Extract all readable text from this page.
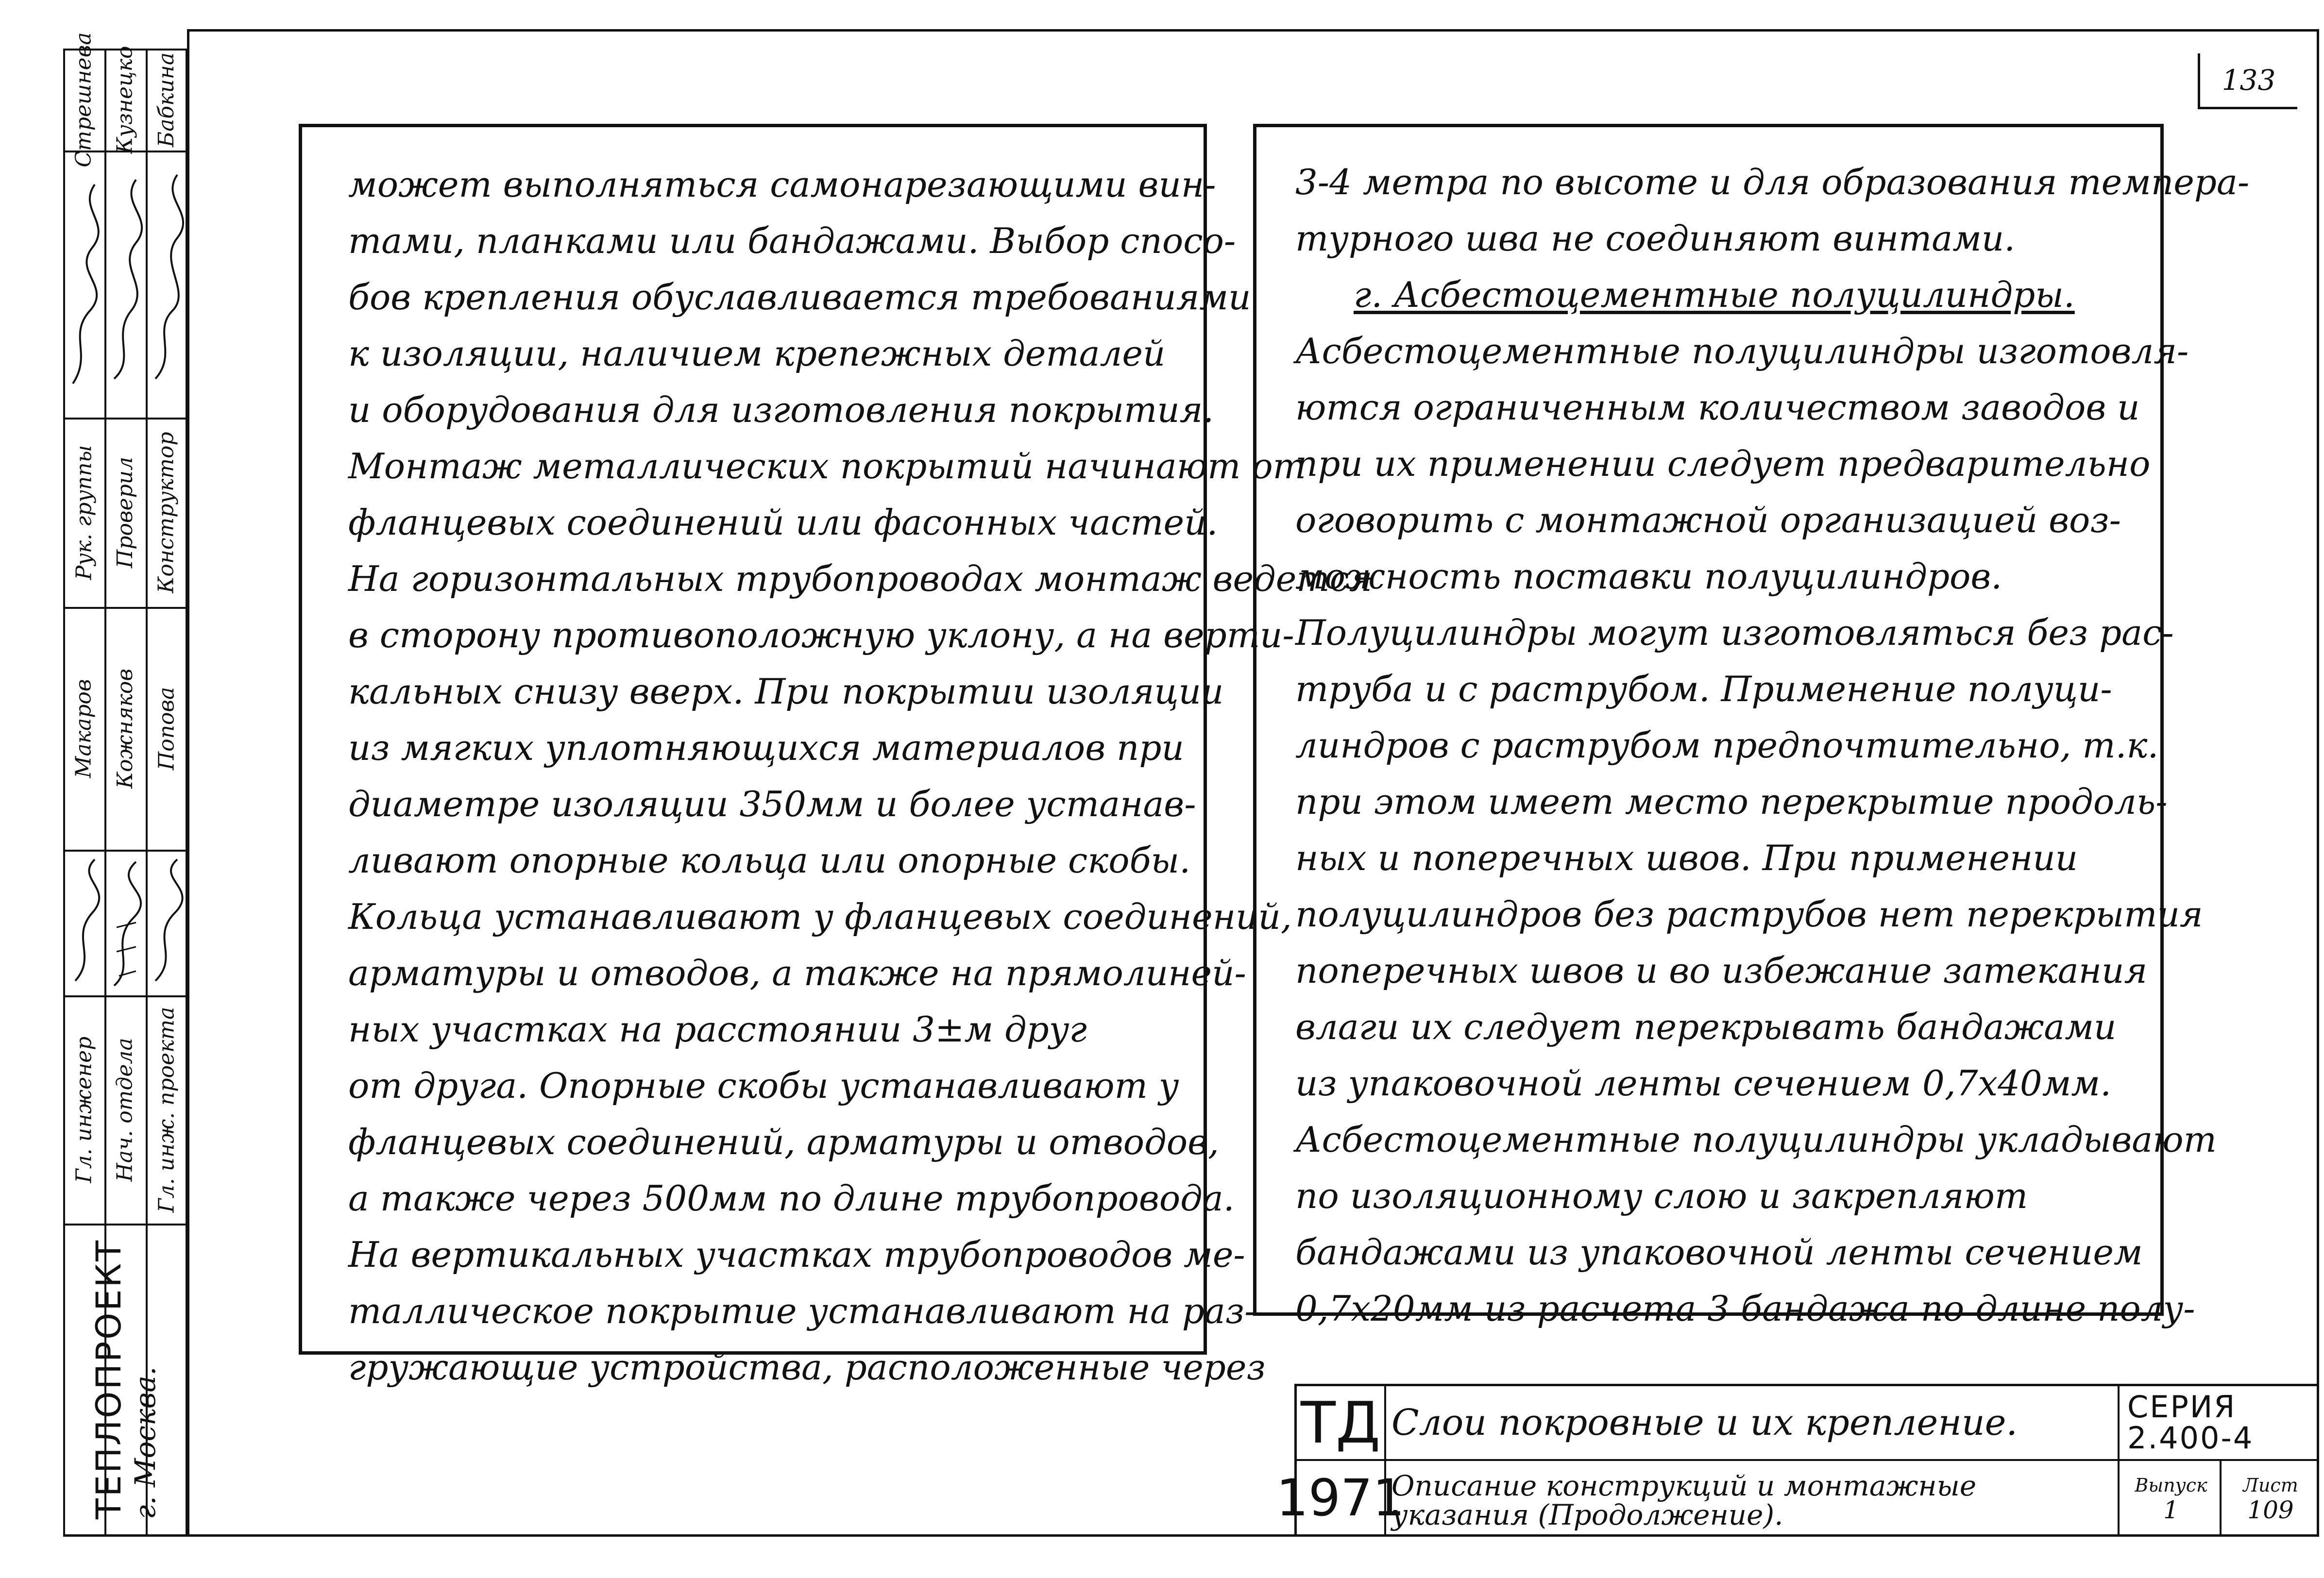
133
Стрешнева
Рук. группы
Макаров
Гл. инженер
Кузнецко
Проверил
Кожняков
Нач. отдела
Бабкина
Конструктор
Попова
Гл. инж. проекта
ТЕПЛОПРОЕКТ г. Москва.
может выполняться самонарезающими вин-
тами, планками или бандажами. Выбор спосо-
бов крепления обуславливается требованиями
к изоляции, наличием крепежных деталей
и оборудования для изготовления покрытия.
Монтаж металлических покрытий начинают от
фланцевых соединений или фасонных частей.
На горизонтальных трубопроводах монтаж ведется
в сторону противоположную уклону, а на верти-
кальных снизу вверх. При покрытии изоляции
из мягких уплотняющихся материалов при
диаметре изоляции 350мм и более устанав-
ливают опорные кольца или опорные скобы.
Кольца устанавливают у фланцевых соединений,
арматуры и отводов, а также на прямолиней-
ных участках на расстоянии 3±м друг
от друга. Опорные скобы устанавливают у
фланцевых соединений, арматуры и отводов,
а также через 500мм по длине трубопровода.
На вертикальных участках трубопроводов ме-
таллическое покрытие устанавливают на раз-
гружающие устройства, расположенные через
3-4 метра по высоте и для образования темпера-
турного шва не соединяют винтами.
г. Асбестоцементные полуцилиндры.
Асбестоцементные полуцилиндры изготовля-
ются ограниченным количеством заводов и
при их применении следует предварительно
оговорить с монтажной организацией воз-
можность поставки полуцилиндров.
Полуцилиндры могут изготовляться без рас-
труба и с раструбом. Применение полуци-
линдров с раструбом предпочтительно, т.к.
при этом имеет место перекрытие продоль-
ных и поперечных швов. При применении
полуцилиндров без раструбов нет перекрытия
поперечных швов и во избежание затекания
влаги их следует перекрывать бандажами
из упаковочной ленты сечением 0,7х40мм.
Асбестоцементные полуцилиндры укладывают
по изоляционному слою и закрепляют
бандажами из упаковочной ленты сечением
0,7х20мм из расчета 3 бандажа по длине полу-
ТД
1971
Слои покровные и их крепление.
Описание конструкций и монтажные
указания (Продолжение).
СЕРИЯ
2.400-4
Выпуск
1
Лист
109
